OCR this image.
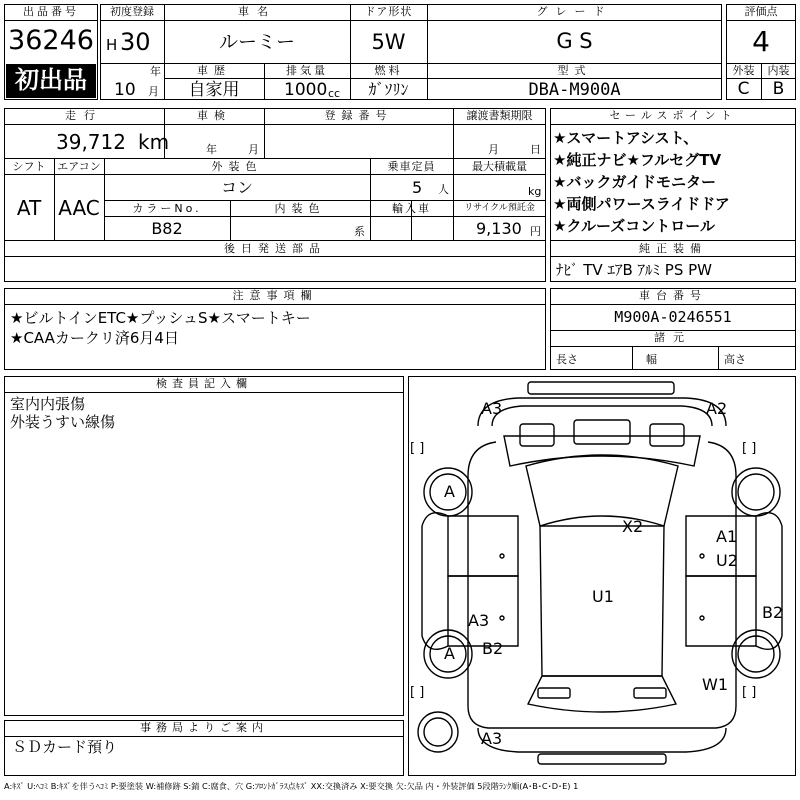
出品番号
36246
初出品
初度登録
H 30
年
10 月
車名
ルーミー
ドア形状
5W
グレード
G S
車歴
自家用
排気量
1000 cc
燃料
ｶﾞｿﾘﾝ
型式
DBA-M900A
評価点
4
外装	内装
C	B
走行
39,712 km
車検
年	月
登録番号	譲渡書類期限
月	日
シフト
AT
エアコン
AAC
外装色
コン
カラーNo.
B82
内装色
系
乗車定員
5 人
最大積載量
kg
輸入車	リサイクル預託金
9,130 円
後日発送部品
セールスポイント
★スマートアシスト、
★純正ナビ★フルセグTV
★バックガイドモニター
★両側パワースライドドア
★クルーズコントロール
純正装備
ﾅﾋﾞ TV ｴｱB ｱﾙﾐ PS PW
注意事項欄
★ビルトインETC★プッシュS★スマートキー
★CAAカークリ済6月4日
車台番号
M900A-0246551
諸元
長さ	幅	高さ
検査員記入欄
室内内張傷
外装うすい線傷
事務局よりご案内
ＳＤカード預り
[ ]	[ ]
[ ]	[ ]
A3	A2
A
X2
A1
U2
U1
B2
A3
B2
A
W1
A3
A:ｷｽﾞ U:ﾍｺﾐ B:ｷｽﾞを伴うﾍｺﾐ P:要塗装 W:補修跡 S:錆 C:腐食、穴 G:ﾌﾛﾝﾄｶﾞﾗｽ点ｷｽﾞ XX:交換済み X:要交換 欠:欠品 内・外装評価 5段階ﾗﾝｸ順(A･B･C･D･E) 1
